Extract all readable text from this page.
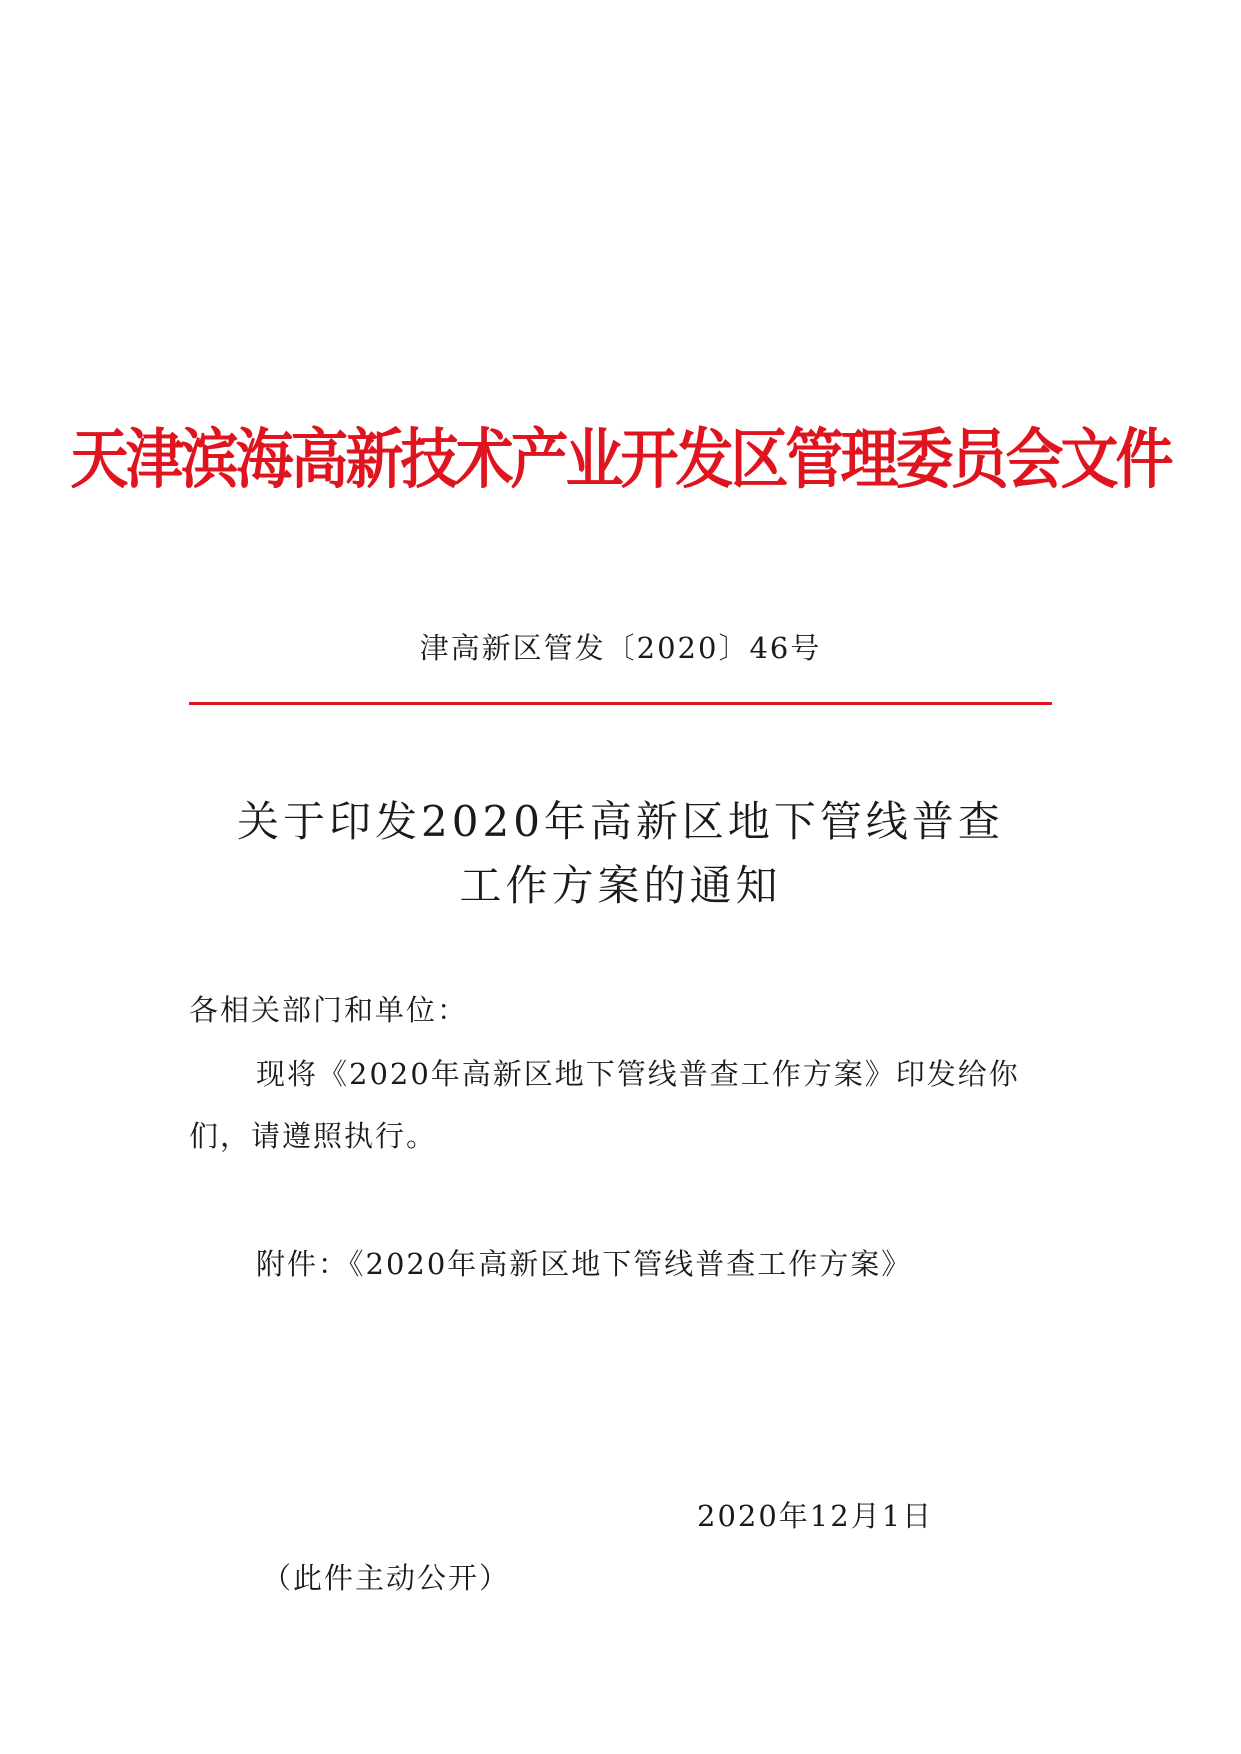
天津滨海高新技术产业开发区管理委员会文件
津高新区管发〔2020〕46号
关于印发2020年高新区地下管线普查
工作方案的通知
各相关部门和单位：
现将《2020年高新区地下管线普查工作方案》印发给你
们，请遵照执行。
附件：《2020年高新区地下管线普查工作方案》
2020年12月1日
（此件主动公开）
